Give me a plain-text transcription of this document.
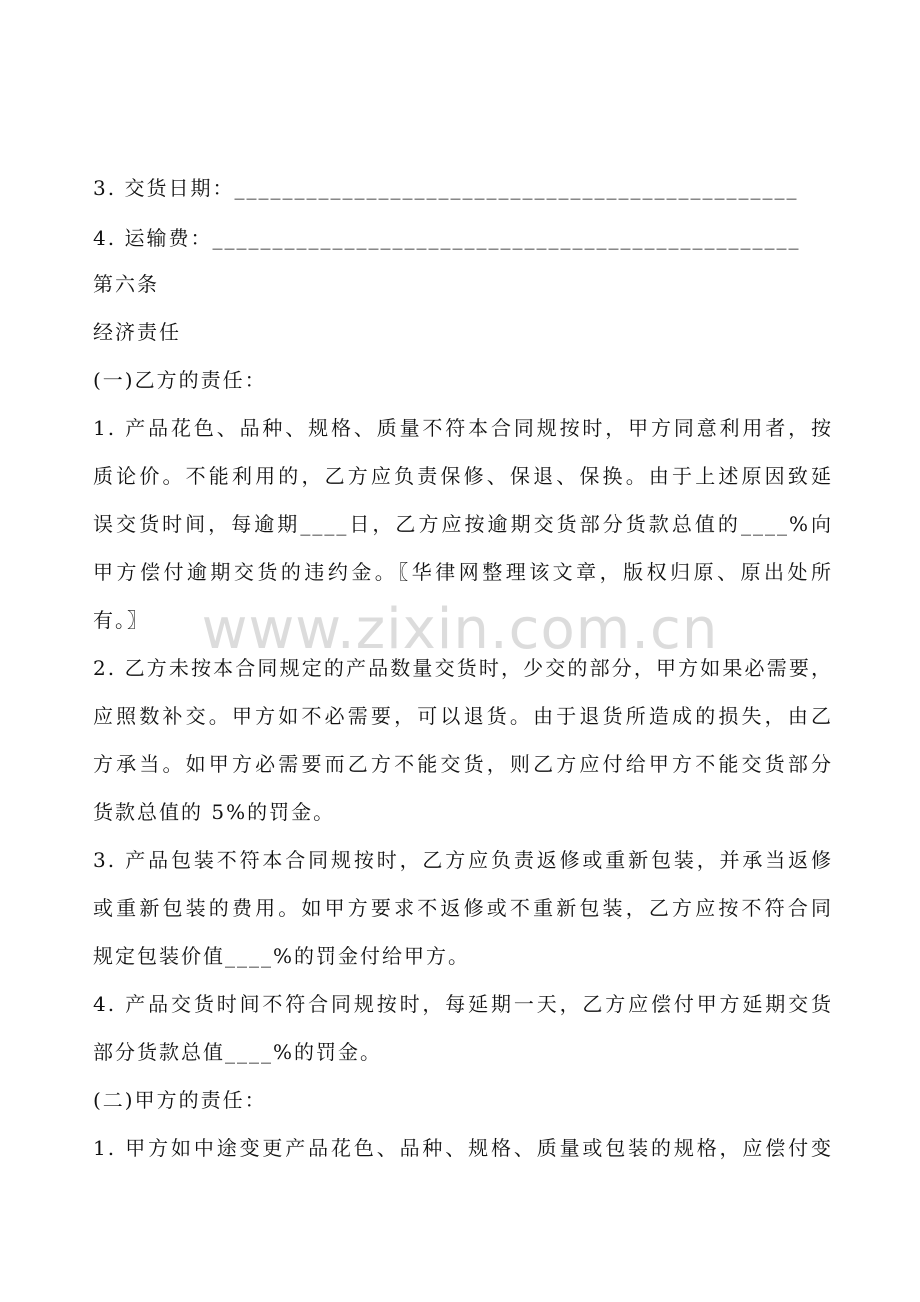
3. 交货日期：_______________________________________________
4. 运输费：_________________________________________________
第六条
经济责任
(一)乙方的责任：
1. 产品花色、品种、规格、质量不符本合同规按时，甲方同意利用者，按
质论价。不能利用的，乙方应负责保修、保退、保换。由于上述原因致延
误交货时间，每逾期____日，乙方应按逾期交货部分货款总值的____%向
甲方偿付逾期交货的违约金。〖华律网整理该文章，版权归原、原出处所
有。〗
2. 乙方未按本合同规定的产品数量交货时，少交的部分，甲方如果必需要，
应照数补交。甲方如不必需要，可以退货。由于退货所造成的损失，由乙
方承当。如甲方必需要而乙方不能交货，则乙方应付给甲方不能交货部分
货款总值的 5%的罚金。
3. 产品包装不符本合同规按时，乙方应负责返修或重新包装，并承当返修
或重新包装的费用。如甲方要求不返修或不重新包装，乙方应按不符合同
规定包装价值____%的罚金付给甲方。
4. 产品交货时间不符合同规按时，每延期一天，乙方应偿付甲方延期交货
部分货款总值____%的罚金。
(二)甲方的责任：
1. 甲方如中途变更产品花色、品种、规格、质量或包装的规格，应偿付变
www.zixin.com.cn
